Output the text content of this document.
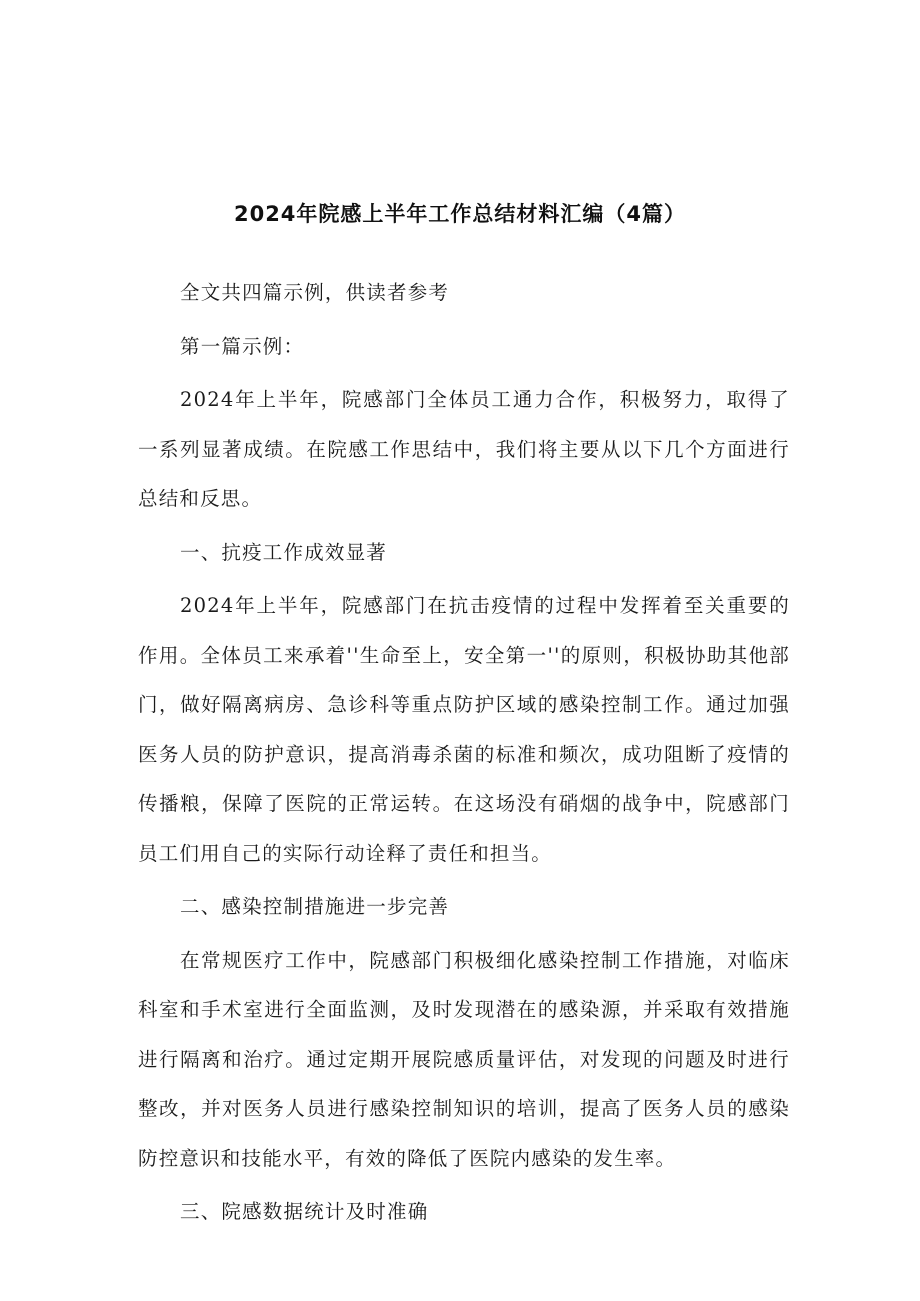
2024年院感上半年工作总结材料汇编（4篇）

全文共四篇示例，供读者参考

第一篇示例：

2024年上半年，院感部门全体员工通力合作，积极努力，取得了一系列显著成绩。在院感工作思结中，我们将主要从以下几个方面进行总结和反思。

一、抗疫工作成效显著

2024年上半年，院感部门在抗击疫情的过程中发挥着至关重要的作用。全体员工来承着''生命至上，安全第一''的原则，积极协助其他部门，做好隔离病房、急诊科等重点防护区域的感染控制工作。通过加强医务人员的防护意识，提高消毒杀菌的标准和频次，成功阻断了疫情的传播粮，保障了医院的正常运转。在这场没有硝烟的战争中，院感部门员工们用自己的实际行动诠释了责任和担当。

二、感染控制措施进一步完善

在常规医疗工作中，院感部门积极细化感染控制工作措施，对临床科室和手术室进行全面监测，及时发现潜在的感染源，并采取有效措施进行隔离和治疗。通过定期开展院感质量评估，对发现的问题及时进行整改，并对医务人员进行感染控制知识的培训，提高了医务人员的感染防控意识和技能水平，有效的降低了医院内感染的发生率。

三、院感数据统计及时准确
